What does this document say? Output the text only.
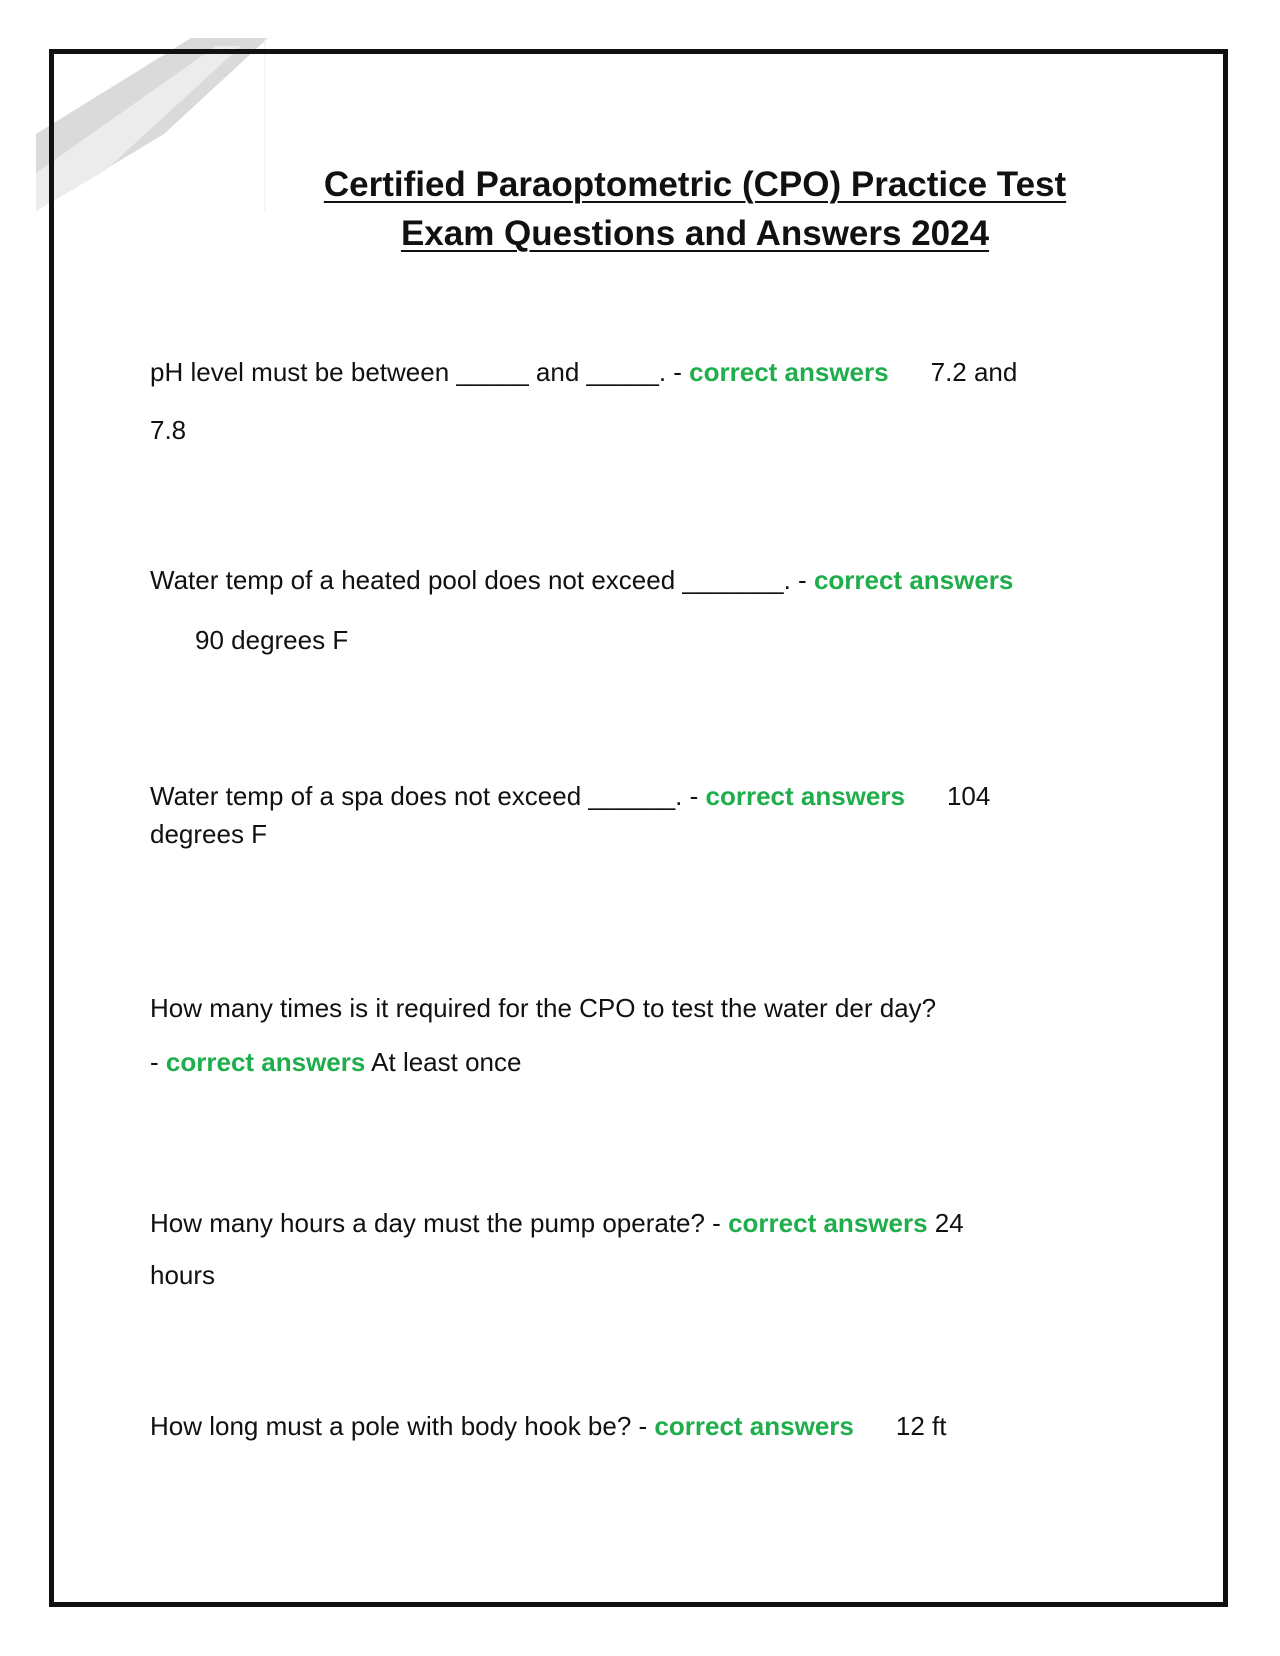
Certified Paraoptometric (CPO) Practice Test
Exam Questions and Answers 2024
pH level must be between _____ and _____. - correct answers 7.2 and
7.8
Water temp of a heated pool does not exceed _______. - correct answers
90 degrees F
Water temp of a spa does not exceed ______. - correct answers 104
degrees F
How many times is it required for the CPO to test the water der day?
- correct answers At least once
How many hours a day must the pump operate? - correct answers 24
hours
How long must a pole with body hook be? - correct answers 12 ft
